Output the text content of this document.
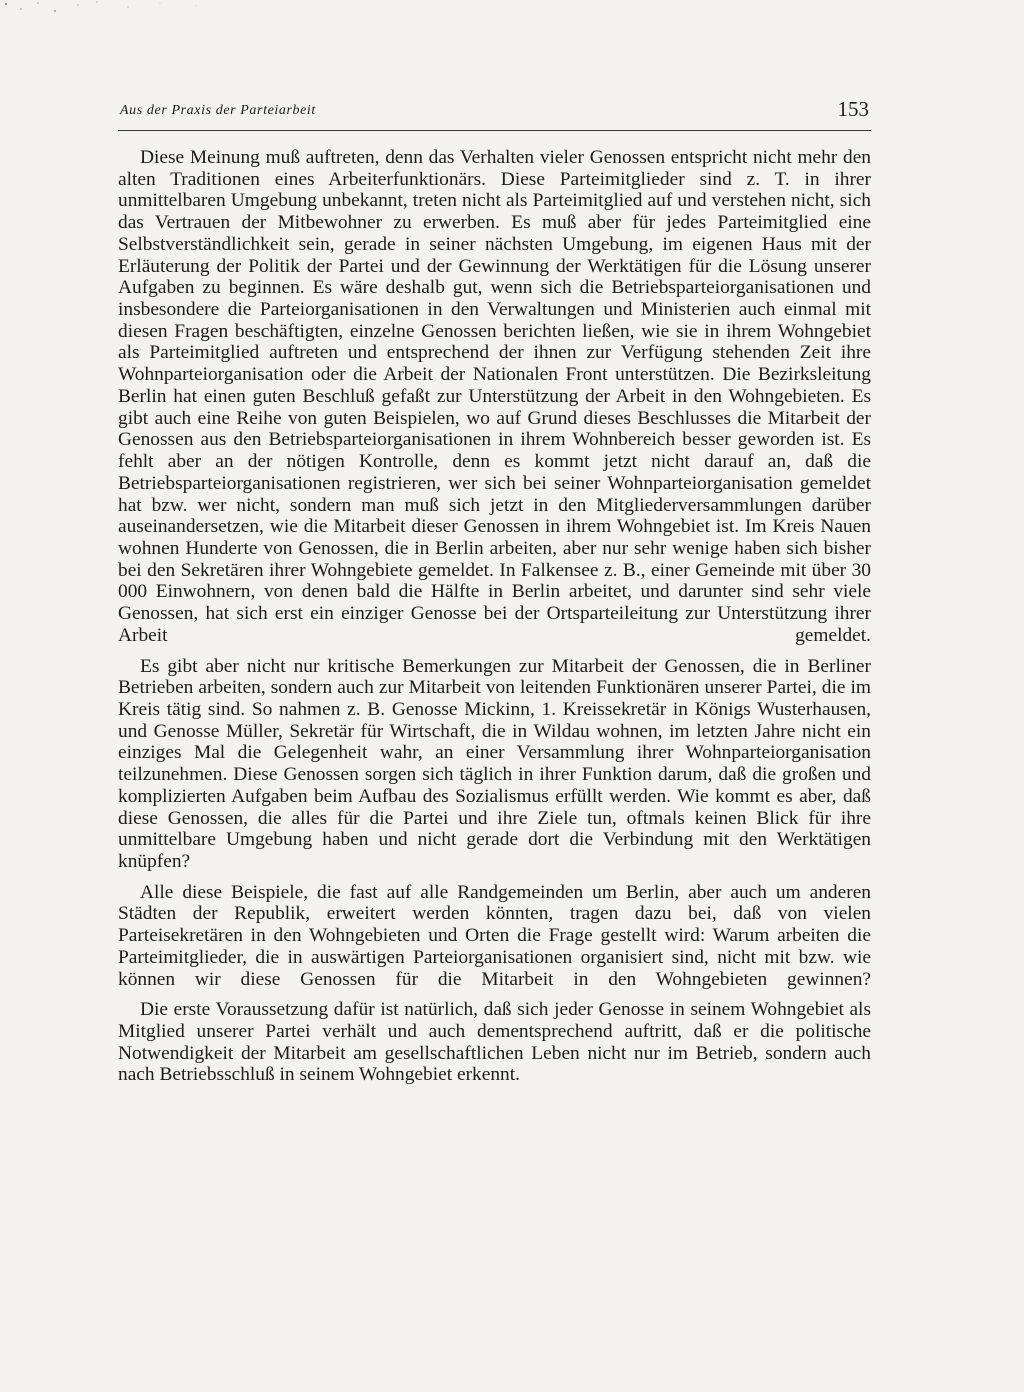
Aus der Praxis der Parteiarbeit	153

Diese Meinung muß auftreten, denn das Verhalten vieler Genossen entspricht nicht mehr den alten Traditionen eines Arbeiterfunktionärs. Diese Parteimitglieder sind z. T. in ihrer unmittelbaren Umgebung unbekannt, treten nicht als Parteimitglied auf und verstehen nicht, sich das Vertrauen der Mitbewohner zu erwerben. Es muß aber für jedes Parteimitglied eine Selbstverständlichkeit sein, gerade in seiner nächsten Umgebung, im eigenen Haus mit der Erläuterung der Politik der Partei und der Gewinnung der Werktätigen für die Lösung unserer Aufgaben zu beginnen. Es wäre deshalb gut, wenn sich die Betriebsparteiorganisationen und insbesondere die Parteiorganisationen in den Verwaltungen und Ministerien auch einmal mit diesen Fragen beschäftigten, einzelne Genossen berichten ließen, wie sie in ihrem Wohngebiet als Parteimitglied auftreten und entsprechend der ihnen zur Verfügung stehenden Zeit ihre Wohnparteiorganisation oder die Arbeit der Nationalen Front unterstützen. Die Bezirksleitung Berlin hat einen guten Beschluß gefaßt zur Unterstützung der Arbeit in den Wohngebieten. Es gibt auch eine Reihe von guten Beispielen, wo auf Grund dieses Beschlusses die Mitarbeit der Genossen aus den Betriebsparteiorganisationen in ihrem Wohnbereich besser geworden ist. Es fehlt aber an der nötigen Kontrolle, denn es kommt jetzt nicht darauf an, daß die Betriebsparteiorganisationen registrieren, wer sich bei seiner Wohnparteiorganisation gemeldet hat bzw. wer nicht, sondern man muß sich jetzt in den Mitgliederversammlungen darüber auseinandersetzen, wie die Mitarbeit dieser Genossen in ihrem Wohngebiet ist. Im Kreis Nauen wohnen Hunderte von Genossen, die in Berlin arbeiten, aber nur sehr wenige haben sich bisher bei den Sekretären ihrer Wohngebiete gemeldet. In Falkensee z. B., einer Gemeinde mit über 30 000 Einwohnern, von denen bald die Hälfte in Berlin arbeitet, und darunter sind sehr viele Genossen, hat sich erst ein einziger Genosse bei der Ortsparteileitung zur Unterstützung ihrer Arbeit gemeldet.

Es gibt aber nicht nur kritische Bemerkungen zur Mitarbeit der Genossen, die in Berliner Betrieben arbeiten, sondern auch zur Mitarbeit von leitenden Funktionären unserer Partei, die im Kreis tätig sind. So nahmen z. B. Genosse Mickinn, 1. Kreissekretär in Königs Wusterhausen, und Genosse Müller, Sekretär für Wirtschaft, die in Wildau wohnen, im letzten Jahre nicht ein einziges Mal die Gelegenheit wahr, an einer Versammlung ihrer Wohnparteiorganisation teilzunehmen. Diese Genossen sorgen sich täglich in ihrer Funktion darum, daß die großen und komplizierten Aufgaben beim Aufbau des Sozialismus erfüllt werden. Wie kommt es aber, daß diese Genossen, die alles für die Partei und ihre Ziele tun, oftmals keinen Blick für ihre unmittelbare Umgebung haben und nicht gerade dort die Verbindung mit den Werktätigen knüpfen?

Alle diese Beispiele, die fast auf alle Randgemeinden um Berlin, aber auch um anderen Städten der Republik, erweitert werden könnten, tragen dazu bei, daß von vielen Parteisekretären in den Wohngebieten und Orten die Frage gestellt wird: Warum arbeiten die Parteimitglieder, die in auswärtigen Parteiorganisationen organisiert sind, nicht mit bzw. wie können wir diese Genossen für die Mitarbeit in den Wohngebieten gewinnen?

Die erste Voraussetzung dafür ist natürlich, daß sich jeder Genosse in seinem Wohngebiet als Mitglied unserer Partei verhält und auch dementsprechend auftritt, daß er die politische Notwendigkeit der Mitarbeit am gesellschaftlichen Leben nicht nur im Betrieb, sondern auch nach Betriebsschluß in seinem Wohngebiet erkennt.
